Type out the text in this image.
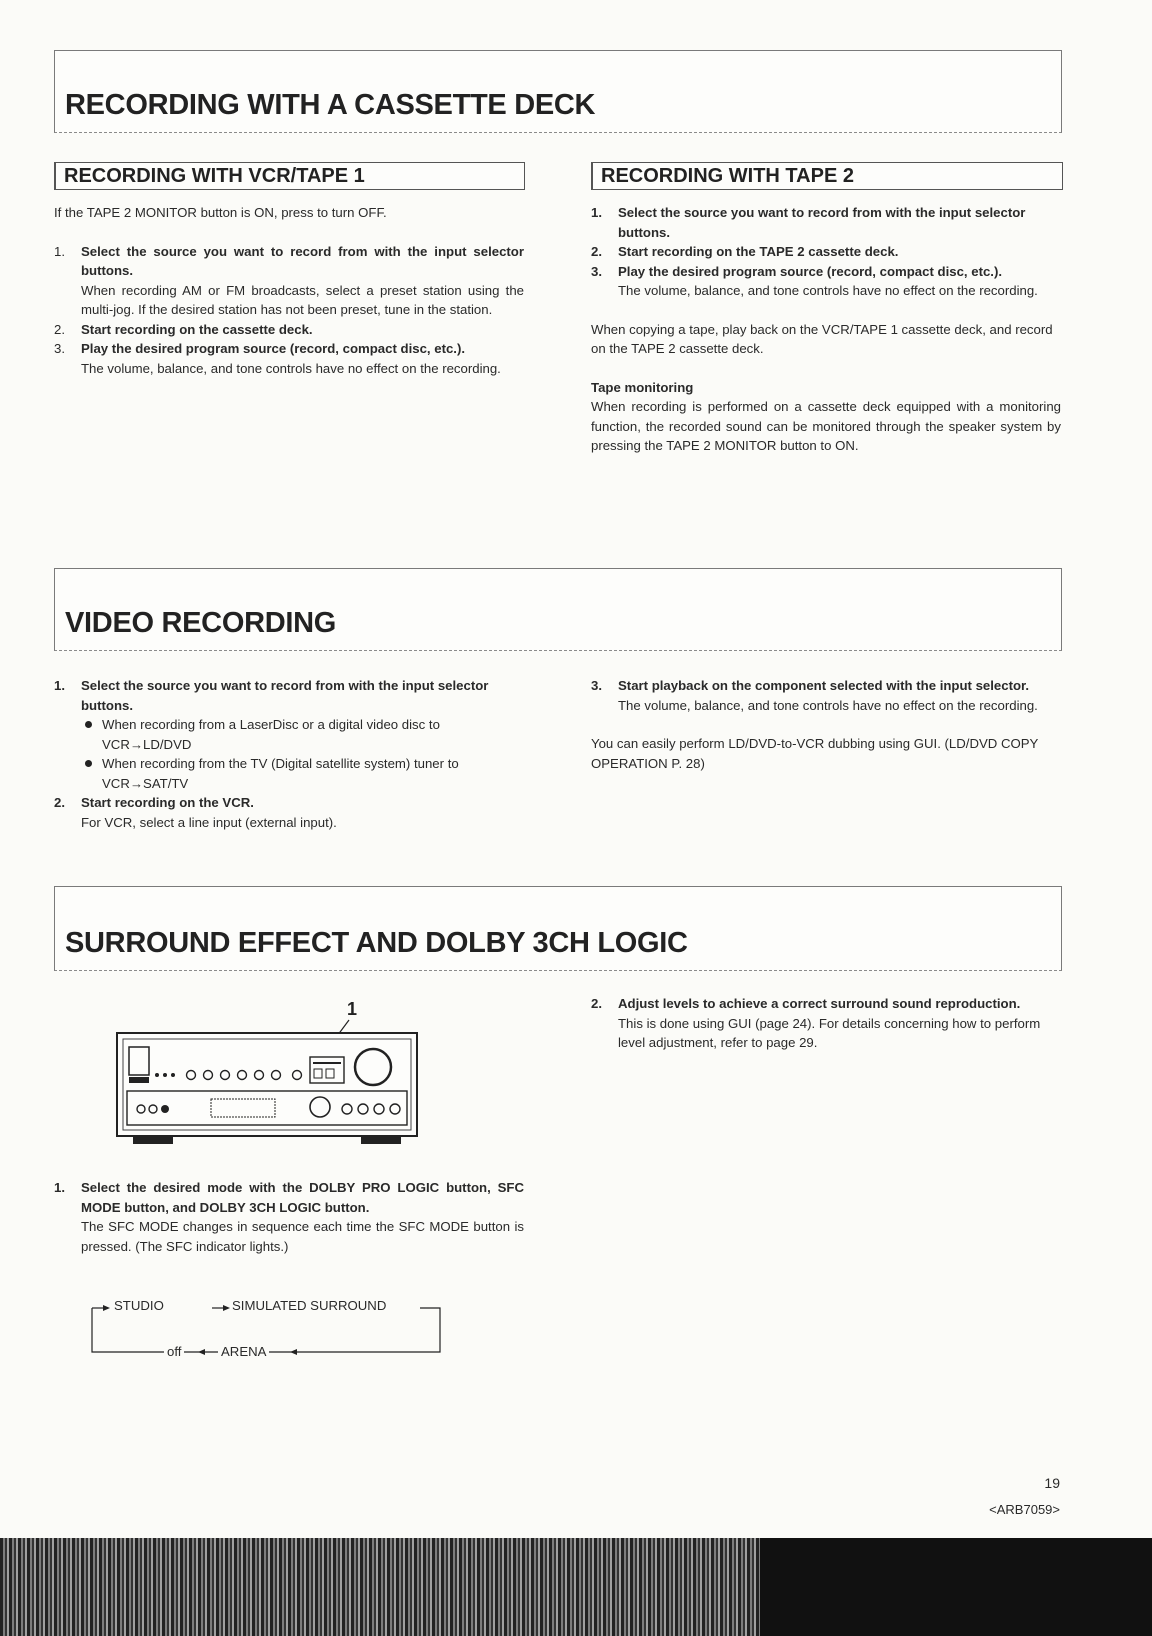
RECORDING WITH A CASSETTE DECK
RECORDING WITH VCR/TAPE 1	RECORDING WITH TAPE 2

If the TAPE 2 MONITOR button is ON, press to turn OFF.

1. Select the source you want to record from with the input selector buttons.

When recording AM or FM broadcasts, select a preset station using the multi-jog. If the desired station has not been preset, tune in the station.

2. Start recording on the cassette deck.

3. Play the desired program source (record, compact disc, etc.).

The volume, balance, and tone controls have no effect on the recording.

1. Select the source you want to record from with the input selector buttons.

2. Start recording on the TAPE 2 cassette deck.

3. Play the desired program source (record, compact disc, etc.).

The volume, balance, and tone controls have no effect on the recording.

When copying a tape, play back on the VCR/TAPE 1 cassette deck, and record on the TAPE 2 cassette deck.

Tape monitoring

When recording is performed on a cassette deck equipped with a monitoring function, the recorded sound can be monitored through the speaker system by pressing the TAPE 2 MONITOR button to ON.

VIDEO RECORDING
1. Select the source you want to record from with the input selector buttons.

When recording from a LaserDisc or a digital video disc to VCR→LD/DVD

When recording from the TV (Digital satellite system) tuner to VCR→SAT/TV

2. Start recording on the VCR.

For VCR, select a line input (external input).

3. Start playback on the component selected with the input selector.

The volume, balance, and tone controls have no effect on the recording.

You can easily perform LD/DVD-to-VCR dubbing using GUI. (LD/DVD COPY OPERATION P. 28)

SURROUND EFFECT AND DOLBY 3CH LOGIC
1
1. Select the desired mode with the DOLBY PRO LOGIC button, SFC MODE button, and DOLBY 3CH LOGIC button.

The SFC MODE changes in sequence each time the SFC MODE button is pressed. (The SFC indicator lights.)

STUDIO	SIMULATED SURROUND
off	ARENA
2. Adjust levels to achieve a correct surround sound reproduction.

This is done using GUI (page 24). For details concerning how to perform level adjustment, refer to page 29.

19
<ARB7059>
